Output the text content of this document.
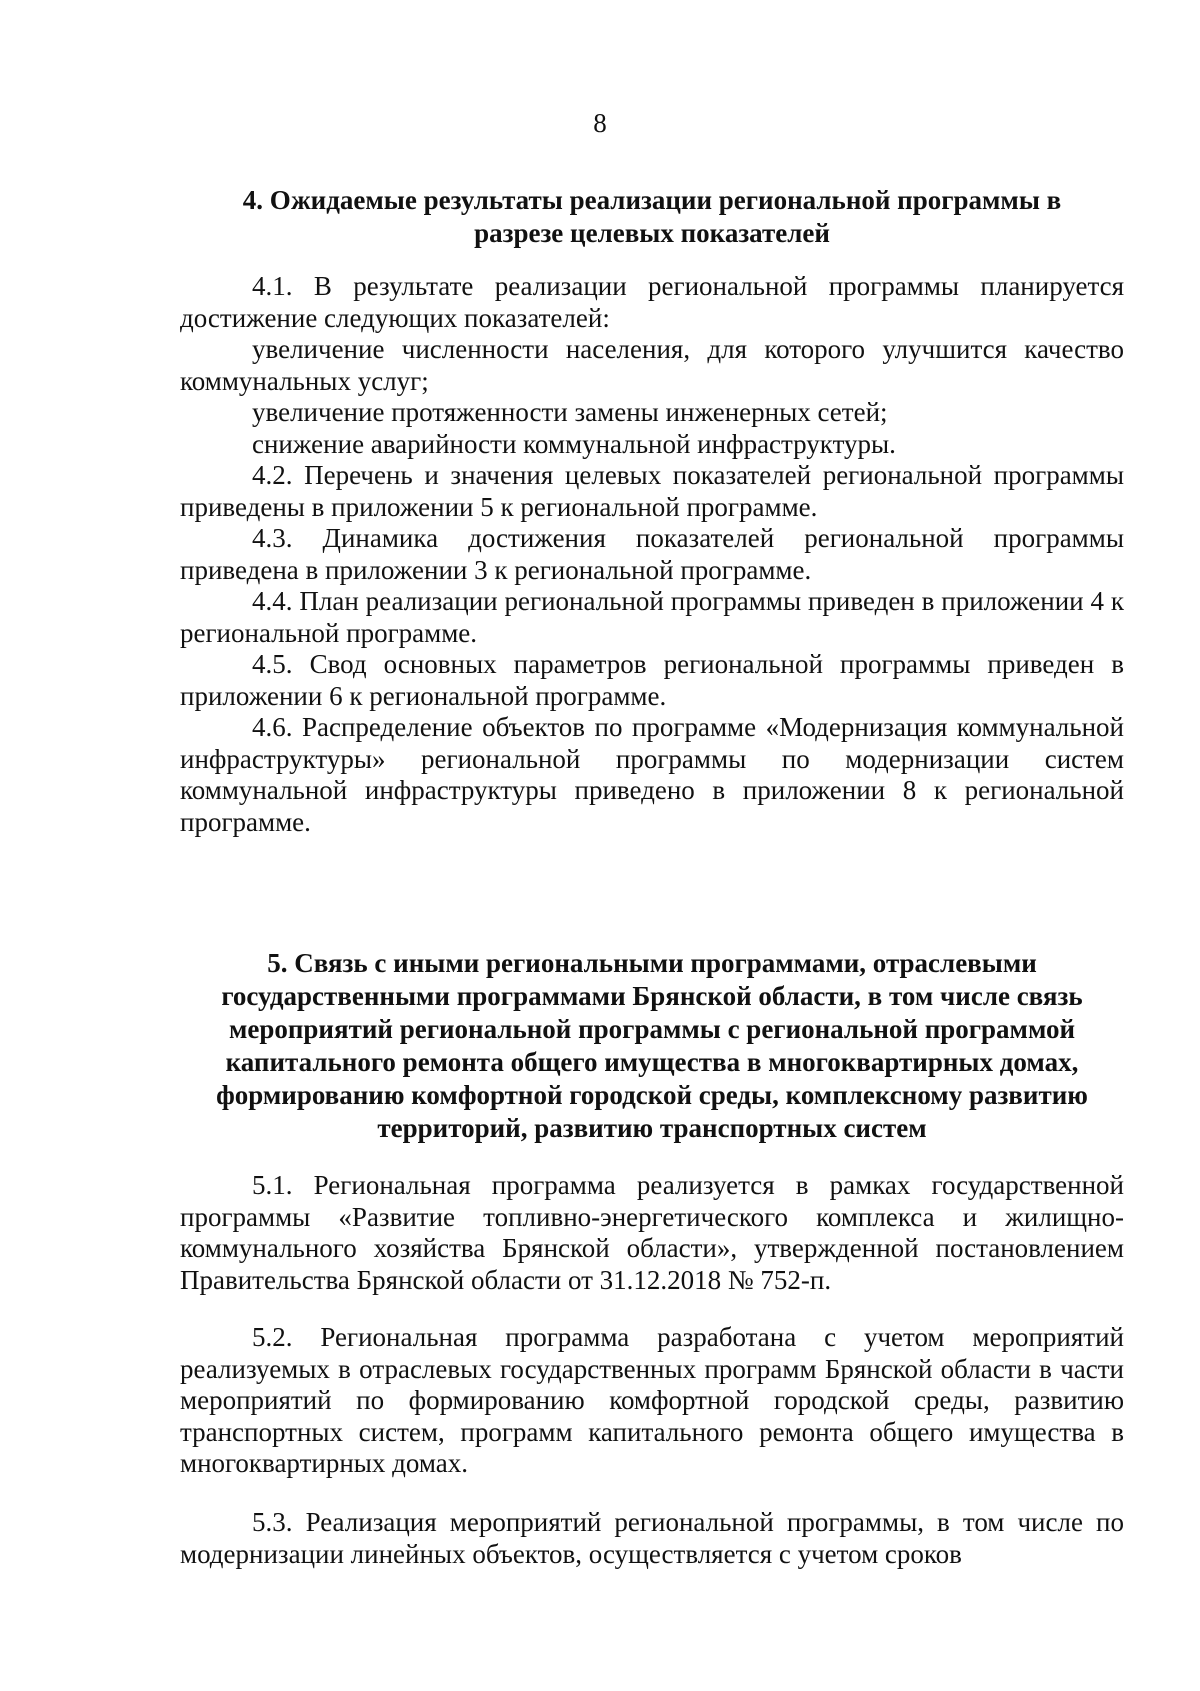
8

4. Ожидаемые результаты реализации региональной программы в
разрезе целевых показателей

4.1. В результате реализации региональной программы планируется достижение следующих показателей:

увеличение численности населения, для которого улучшится качество коммунальных услуг;

увеличение протяженности замены инженерных сетей;

снижение аварийности коммунальной инфраструктуры.

4.2. Перечень и значения целевых показателей региональной программы приведены в приложении 5 к региональной программе.

4.3. Динамика достижения показателей региональной программы приведена в приложении 3 к региональной программе.

4.4. План реализации региональной программы приведен в приложении 4 к региональной программе.

4.5. Свод основных параметров региональной программы приведен в приложении 6 к региональной программе.

4.6. Распределение объектов по программе «Модернизация коммунальной инфраструктуры» региональной программы по модернизации систем коммунальной инфраструктуры приведено в приложении 8 к региональной программе.

5. Связь с иными региональными программами, отраслевыми
государственными программами Брянской области, в том числе связь
мероприятий региональной программы с региональной программой
капитального ремонта общего имущества в многоквартирных домах,
формированию комфортной городской среды, комплексному развитию
территорий, развитию транспортных систем

5.1. Региональная программа реализуется в рамках государственной программы «Развитие топливно-энергетического комплекса и жилищно-коммунального хозяйства Брянской области», утвержденной постановлением Правительства Брянской области от 31.12.2018 № 752-п.

5.2. Региональная программа разработана с учетом мероприятий реализуемых в отраслевых государственных программ Брянской области в части мероприятий по формированию комфортной городской среды, развитию транспортных систем, программ капитального ремонта общего имущества в многоквартирных домах.

5.3. Реализация мероприятий региональной программы, в том числе по модернизации линейных объектов, осуществляется с учетом сроков
